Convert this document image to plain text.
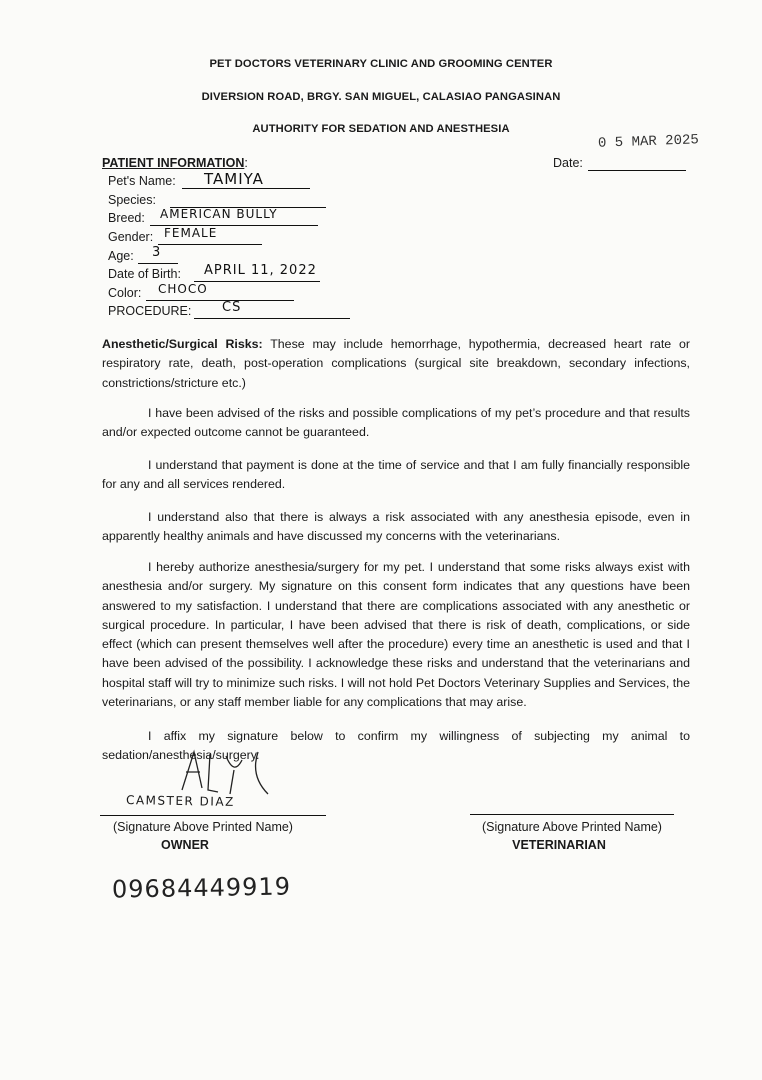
PET DOCTORS VETERINARY CLINIC AND GROOMING CENTER
DIVERSION ROAD, BRGY. SAN MIGUEL, CALASIAO PANGASINAN
AUTHORITY FOR SEDATION AND ANESTHESIA
0 5 MAR 2025
Date:
PATIENT INFORMATION:
Pet's Name: TAMIYA
Species:
Breed: AMERICAN BULLY
Gender: FEMALE
Age: 3
Date of Birth: APRIL 11, 2022
Color: CHOCO
PROCEDURE: CS
Anesthetic/Surgical Risks: These may include hemorrhage, hypothermia, decreased heart rate or respiratory rate, death, post-operation complications (surgical site breakdown, secondary infections, constrictions/stricture etc.)
I have been advised of the risks and possible complications of my pet’s procedure and that results and/or expected outcome cannot be guaranteed.
I understand that payment is done at the time of service and that I am fully financially responsible for any and all services rendered.
I understand also that there is always a risk associated with any anesthesia episode, even in apparently healthy animals and have discussed my concerns with the veterinarians.
I hereby authorize anesthesia/surgery for my pet. I understand that some risks always exist with anesthesia and/or surgery. My signature on this consent form indicates that any questions have been answered to my satisfaction. I understand that there are complications associated with any anesthetic or surgical procedure. In particular, I have been advised that there is risk of death, complications, or side effect (which can present themselves well after the procedure) every time an anesthetic is used and that I have been advised of the possibility. I acknowledge these risks and understand that the veterinarians and hospital staff will try to minimize such risks. I will not hold Pet Doctors Veterinary Supplies and Services, the veterinarians, or any staff member liable for any complications that may arise.
I affix my signature below to confirm my willingness of subjecting my animal to sedation/anesthesia/surgery.
CAMSTER DIAZ
(Signature Above Printed Name)
OWNER
(Signature Above Printed Name)
VETERINARIAN
09684449919
